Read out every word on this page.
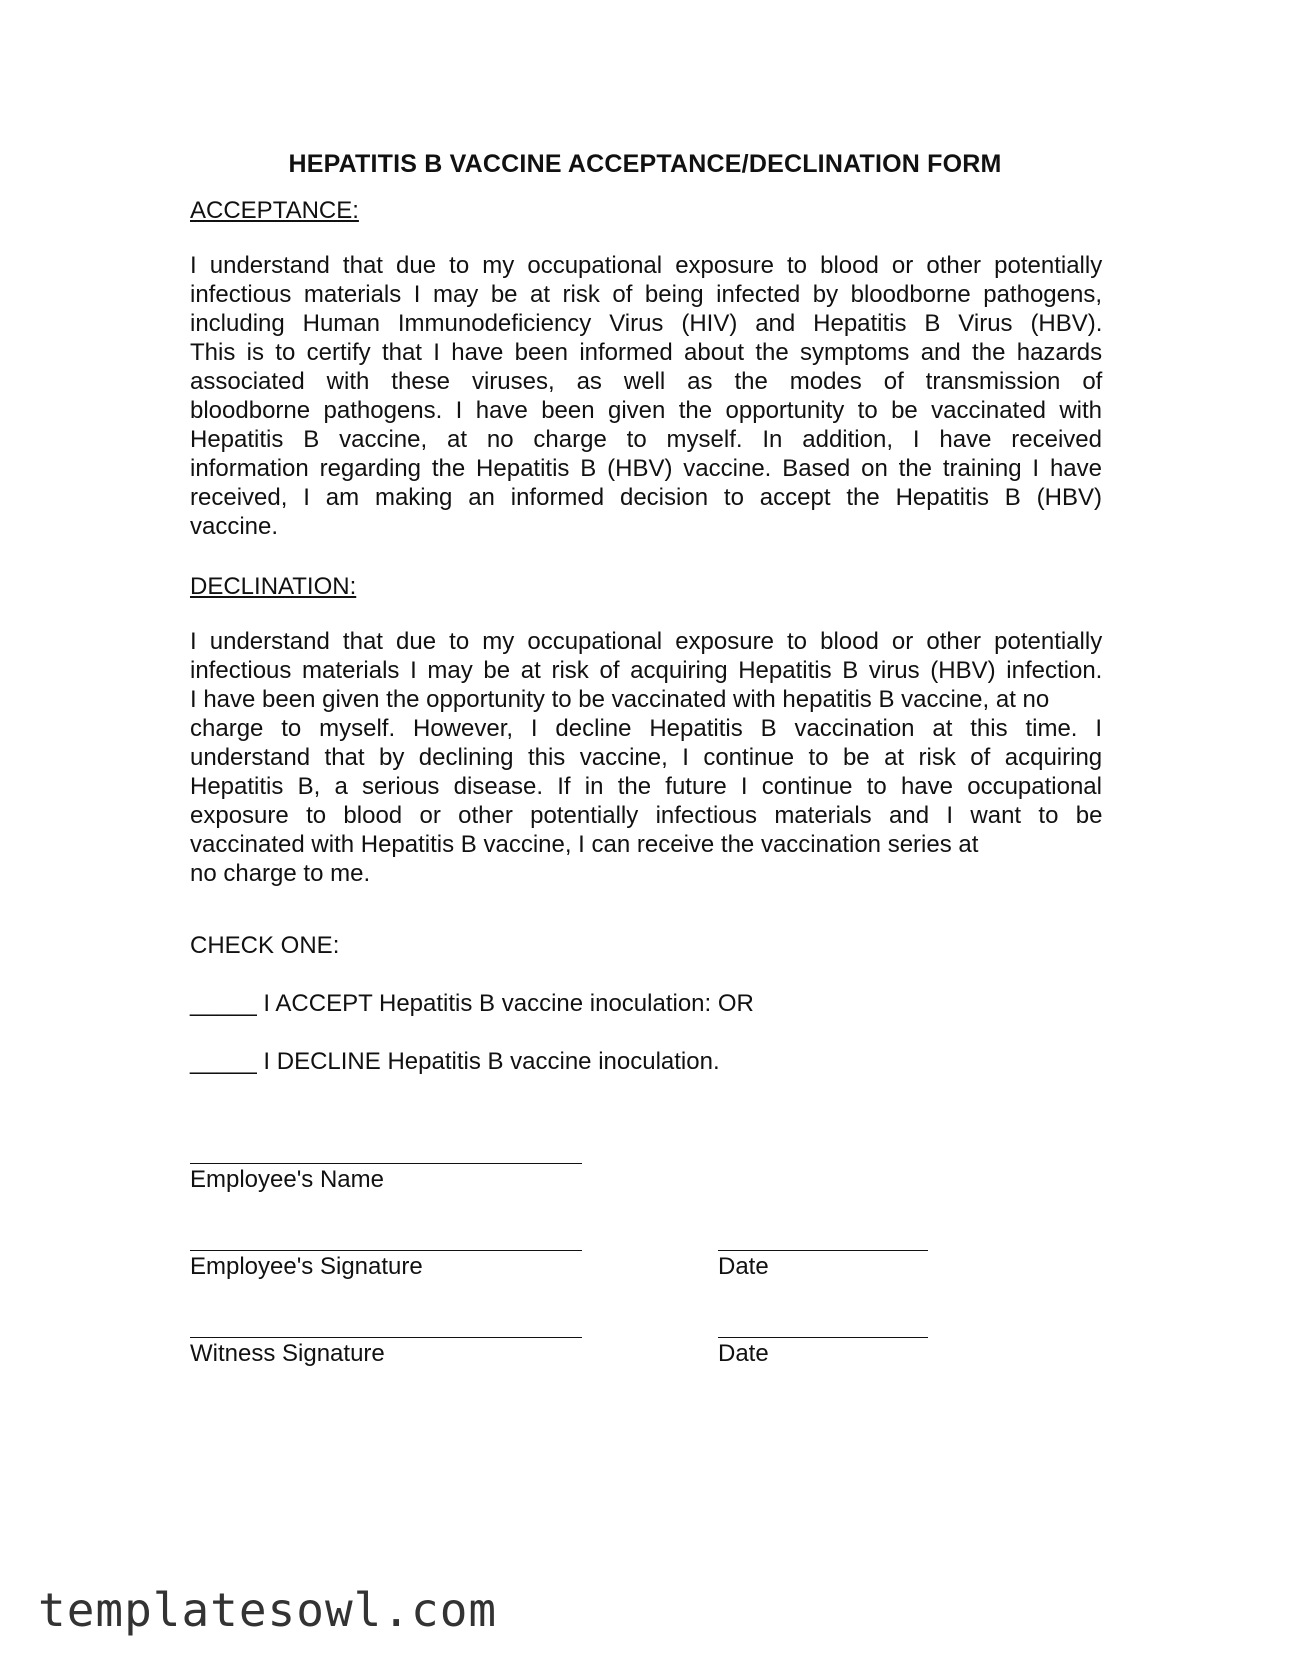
HEPATITIS B VACCINE ACCEPTANCE/DECLINATION FORM
ACCEPTANCE:
I understand that due to my occupational exposure to blood or other potentially
infectious materials I may be at risk of being infected by bloodborne pathogens,
including Human Immunodeficiency Virus (HIV) and Hepatitis B Virus (HBV).
This is to certify that I have been informed about the symptoms and the hazards
associated with these viruses, as well as the modes of transmission of
bloodborne pathogens. I have been given the opportunity to be vaccinated with
Hepatitis B vaccine, at no charge to myself. In addition, I have received
information regarding the Hepatitis B (HBV) vaccine. Based on the training I have
received, I am making an informed decision to accept the Hepatitis B (HBV)
vaccine.
DECLINATION:
I understand that due to my occupational exposure to blood or other potentially
infectious materials I may be at risk of acquiring Hepatitis B virus (HBV) infection.
I have been given the opportunity to be vaccinated with hepatitis B vaccine, at no
charge to myself. However, I decline Hepatitis B vaccination at this time. I
understand that by declining this vaccine, I continue to be at risk of acquiring
Hepatitis B, a serious disease. If in the future I continue to have occupational
exposure to blood or other potentially infectious materials and I want to be
vaccinated with Hepatitis B vaccine, I can receive the vaccination series at
no charge to me.
CHECK ONE:
_____ I ACCEPT Hepatitis B vaccine inoculation: OR
_____ I DECLINE Hepatitis B vaccine inoculation.
Employee's Name
Employee's Signature	Date
Witness Signature	Date
templatesowl.com
